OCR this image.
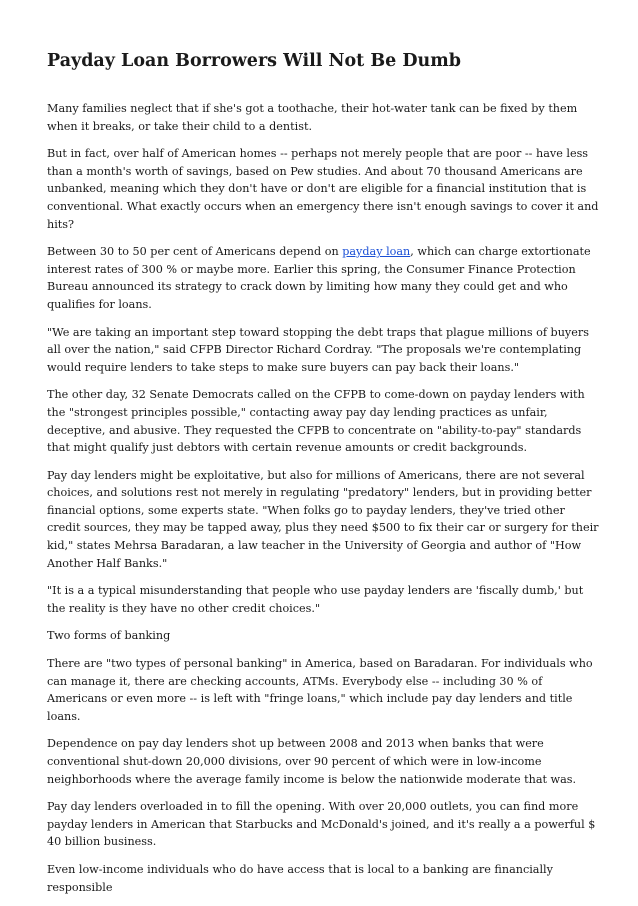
Payday Loan Borrowers Will Not Be Dumb

Many families neglect that if she's got a toothache, their hot-water tank can be fixed by them when it breaks, or take their child to a dentist.

But in fact, over half of American homes -- perhaps not merely people that are poor -- have less than a month's worth of savings, based on Pew studies. And about 70 thousand Americans are unbanked, meaning which they don't have or don't are eligible for a financial institution that is conventional. What exactly occurs when an emergency there isn't enough savings to cover it and hits?

Between 30 to 50 per cent of Americans depend on payday loan, which can charge extortionate interest rates of 300 % or maybe more. Earlier this spring, the Consumer Finance Protection Bureau announced its strategy to crack down by limiting how many they could get and who qualifies for loans.

"We are taking an important step toward stopping the debt traps that plague millions of buyers all over the nation," said CFPB Director Richard Cordray. "The proposals we're contemplating would require lenders to take steps to make sure buyers can pay back their loans."

The other day, 32 Senate Democrats called on the CFPB to come-down on payday lenders with the "strongest principles possible," contacting away pay day lending practices as unfair, deceptive, and abusive. They requested the CFPB to concentrate on "ability-to-pay" standards that might qualify just debtors with certain revenue amounts or credit backgrounds.

Pay day lenders might be exploitative, but also for millions of Americans, there are not several choices, and solutions rest not merely in regulating "predatory" lenders, but in providing better financial options, some experts state. "When folks go to payday lenders, they've tried other credit sources, they may be tapped away, plus they need $500 to fix their car or surgery for their kid," states Mehrsa Baradaran, a law teacher in the University of Georgia and author of "How Another Half Banks."

"It is a a typical misunderstanding that people who use payday lenders are 'fiscally dumb,' but the reality is they have no other credit choices."

Two forms of banking

There are "two types of personal banking" in America, based on Baradaran. For individuals who can manage it, there are checking accounts, ATMs. Everybody else -- including 30 % of Americans or even more -- is left with "fringe loans," which include pay day lenders and title loans.

Dependence on pay day lenders shot up between 2008 and 2013 when banks that were conventional shut-down 20,000 divisions, over 90 percent of which were in low-income neighborhoods where the average family income is below the nationwide moderate that was.

Pay day lenders overloaded in to fill the opening. With over 20,000 outlets, you can find more payday lenders in American that Starbucks and McDonald's joined, and it's really a a powerful $ 40 billion business.

Even low-income individuals who do have access that is local to a banking are financially responsible
